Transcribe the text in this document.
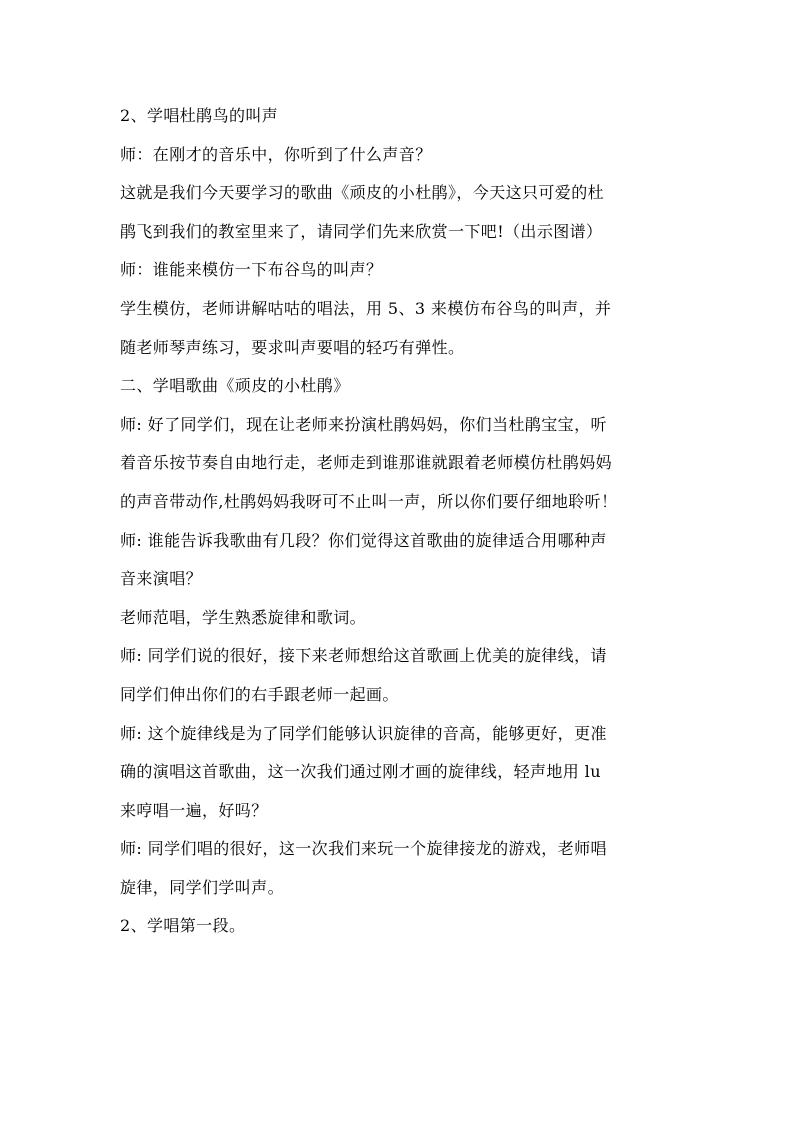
2、学唱杜鹃鸟的叫声
师：在刚才的音乐中，你听到了什么声音？
这就是我们今天要学习的歌曲《顽皮的小杜鹃》，今天这只可爱的杜
鹃飞到我们的教室里来了，请同学们先来欣赏一下吧!（出示图谱）
师：谁能来模仿一下布谷鸟的叫声？
学生模仿，老师讲解咕咕的唱法，用 5、3 来模仿布谷鸟的叫声，并
随老师琴声练习，要求叫声要唱的轻巧有弹性。
二、学唱歌曲《顽皮的小杜鹃》
师: 好了同学们，现在让老师来扮演杜鹃妈妈，你们当杜鹃宝宝，听
着音乐按节奏自由地行走，老师走到谁那谁就跟着老师模仿杜鹃妈妈
的声音带动作,杜鹃妈妈我呀可不止叫一声，所以你们要仔细地聆听！
师: 谁能告诉我歌曲有几段？你们觉得这首歌曲的旋律适合用哪种声
音来演唱？
老师范唱，学生熟悉旋律和歌词。
师: 同学们说的很好，接下来老师想给这首歌画上优美的旋律线，请
同学们伸出你们的右手跟老师一起画。
师: 这个旋律线是为了同学们能够认识旋律的音高，能够更好，更准
确的演唱这首歌曲，这一次我们通过刚才画的旋律线，轻声地用 lu
来哼唱一遍，好吗？
师: 同学们唱的很好，这一次我们来玩一个旋律接龙的游戏，老师唱
旋律，同学们学叫声。
2、学唱第一段。
